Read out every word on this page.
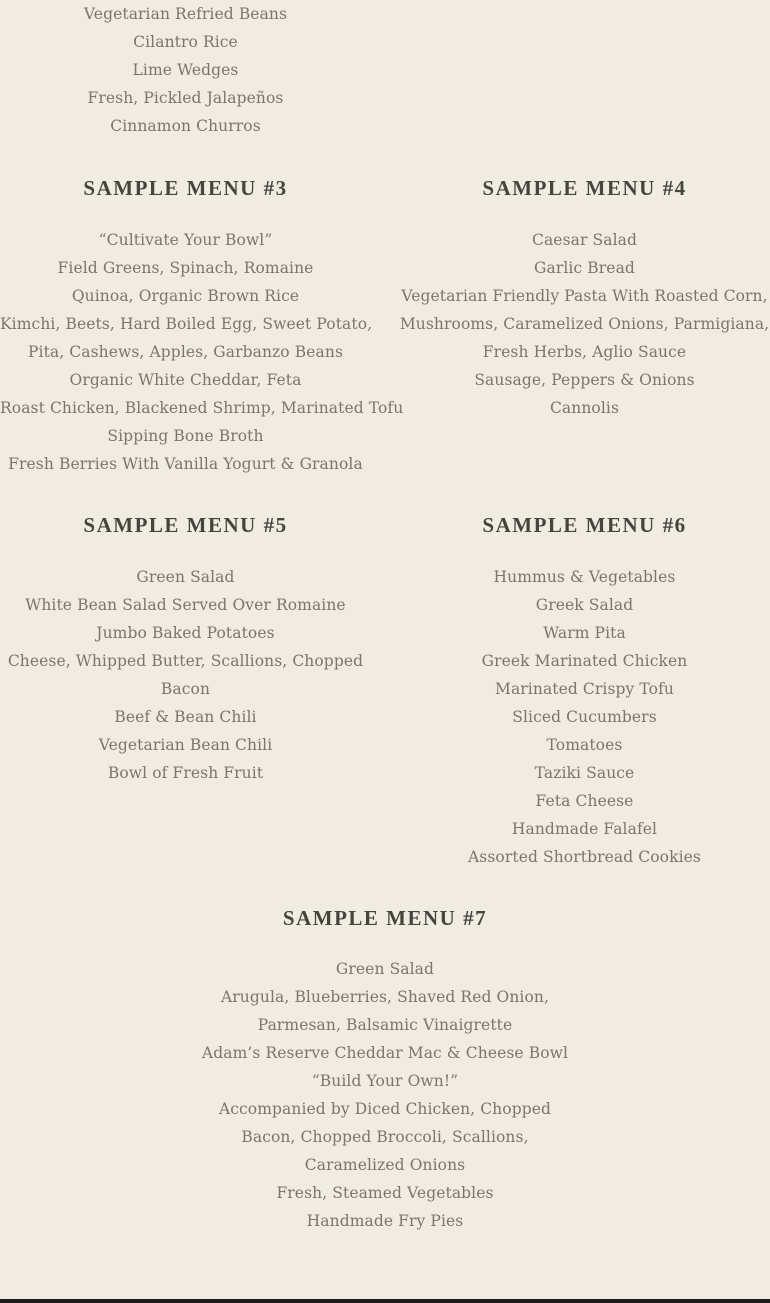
Vegetarian Refried Beans
Cilantro Rice
Lime Wedges
Fresh, Pickled Jalapeños
Cinnamon Churros
SAMPLE MENU #3
“Cultivate Your Bowl”
Field Greens, Spinach, Romaine
Quinoa, Organic Brown Rice
Kimchi, Beets, Hard Boiled Egg, Sweet Potato,
Pita, Cashews, Apples, Garbanzo Beans
Organic White Cheddar, Feta
Roast Chicken, Blackened Shrimp, Marinated Tofu
Sipping Bone Broth
Fresh Berries With Vanilla Yogurt & Granola
SAMPLE MENU #4
Caesar Salad
Garlic Bread
Vegetarian Friendly Pasta With Roasted Corn,
Mushrooms, Caramelized Onions, Parmigiana,
Fresh Herbs, Aglio Sauce
Sausage, Peppers & Onions
Cannolis
SAMPLE MENU #5
Green Salad
White Bean Salad Served Over Romaine
Jumbo Baked Potatoes
Cheese, Whipped Butter, Scallions, Chopped
Bacon
Beef & Bean Chili
Vegetarian Bean Chili
Bowl of Fresh Fruit
SAMPLE MENU #6
Hummus & Vegetables
Greek Salad
Warm Pita
Greek Marinated Chicken
Marinated Crispy Tofu
Sliced Cucumbers
Tomatoes
Taziki Sauce
Feta Cheese
Handmade Falafel
Assorted Shortbread Cookies
SAMPLE MENU #7
Green Salad
Arugula, Blueberries, Shaved Red Onion,
Parmesan, Balsamic Vinaigrette
Adam’s Reserve Cheddar Mac & Cheese Bowl
“Build Your Own!”
Accompanied by Diced Chicken, Chopped
Bacon, Chopped Broccoli, Scallions,
Caramelized Onions
Fresh, Steamed Vegetables
Handmade Fry Pies
